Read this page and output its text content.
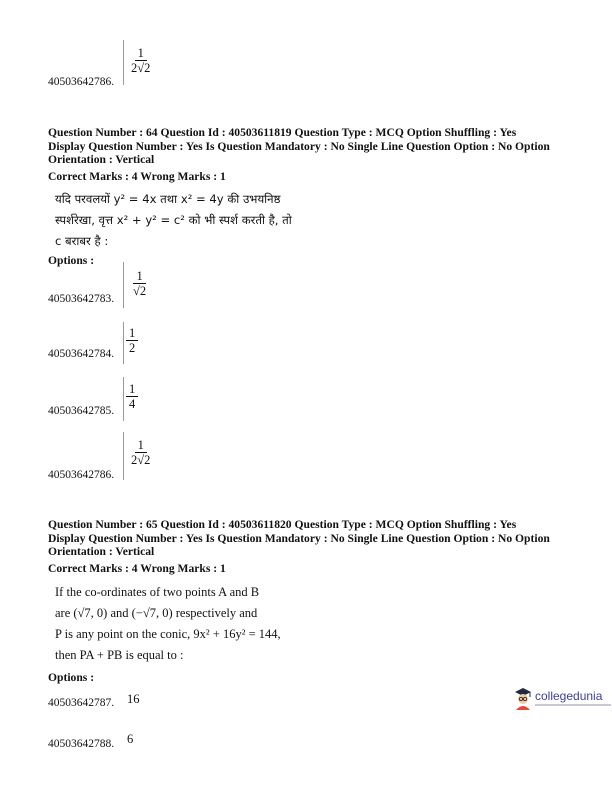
$\frac{1}{2√2}$
40503642786.
Question Number : 64 Question Id : 40503611819 Question Type : MCQ Option Shuffling : Yes
Display Question Number : Yes Is Question Mandatory : No Single Line Question Option : No Option
Orientation : Vertical
Correct Marks : 4 Wrong Marks : 1
यदि परवलयों y² = 4x तथा x² = 4y की उभयनिष्ठ
स्पर्शरेखा, वृत्त x² + y² = c² को भी स्पर्श करती है, तो
c बराबर है :
Options :
$\frac{1}{√2}$
40503642783.
$\frac{1}{2}$
40503642784.
$\frac{1}{4}$
40503642785.
$\frac{1}{2√2}$
40503642786.
Question Number : 65 Question Id : 40503611820 Question Type : MCQ Option Shuffling : Yes
Display Question Number : Yes Is Question Mandatory : No Single Line Question Option : No Option
Orientation : Vertical
Correct Marks : 4 Wrong Marks : 1
If the co-ordinates of two points A and B
are (√7, 0) and (−√7, 0) respectively and
P is any point on the conic, 9x² + 16y² = 144,
then PA + PB is equal to :
Options :
16
40503642787.
6
40503642788.
collegedunia
